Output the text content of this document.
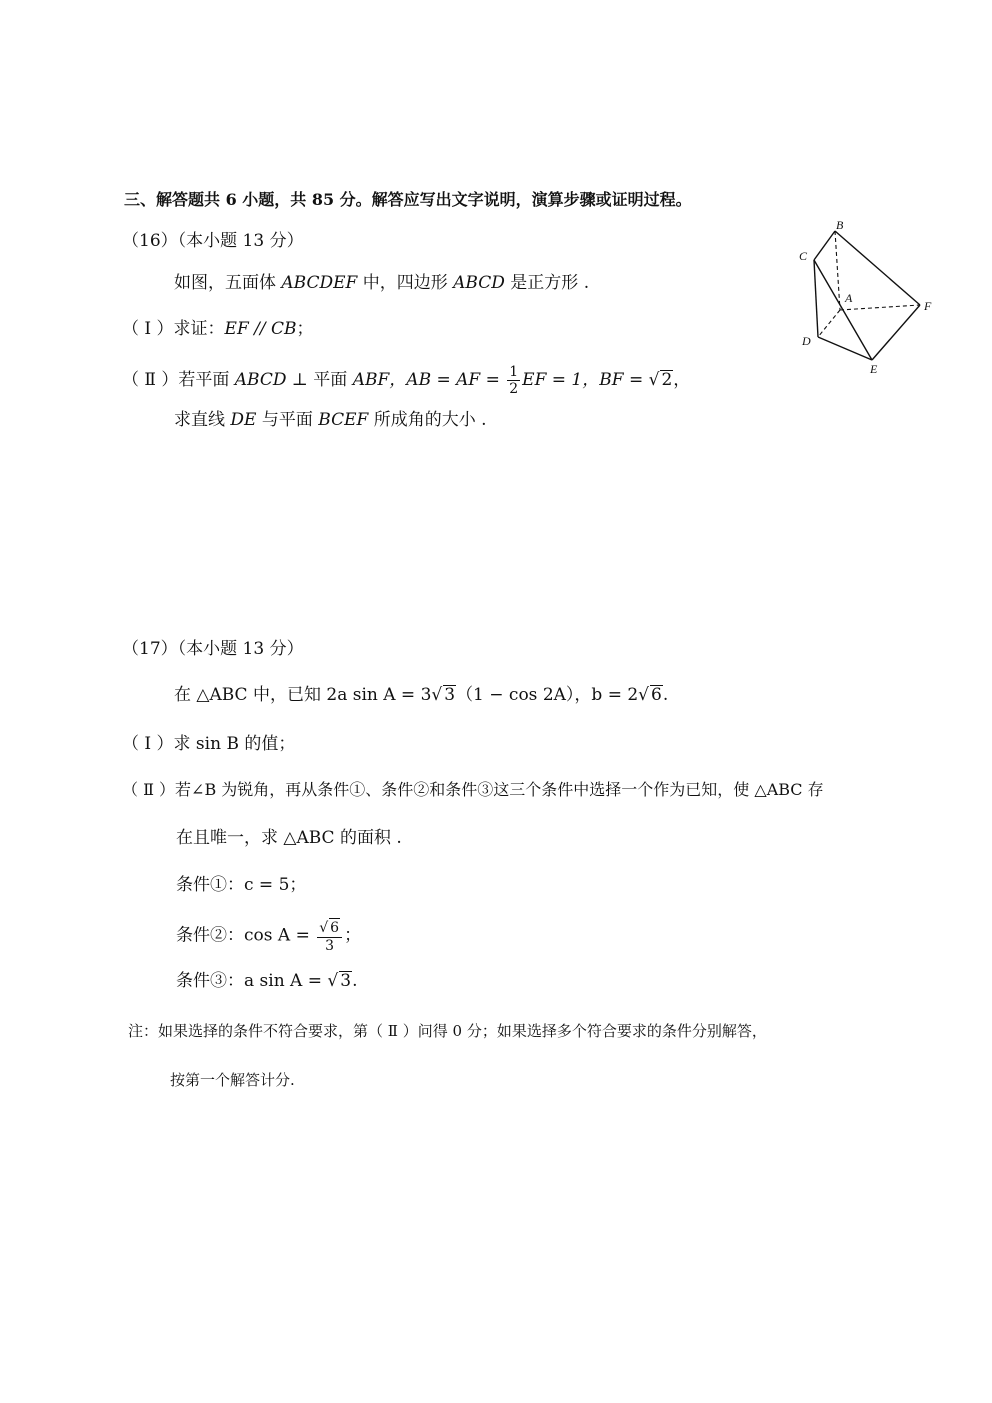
三、解答题共 6 小题，共 85 分。解答应写出文字说明，演算步骤或证明过程。
（16）（本小题 13 分）
如图，五面体 ABCDEF 中，四边形 ABCD 是正方形 .
（ Ⅰ ）求证：EF // CB；
（ Ⅱ ）若平面 ABCD ⊥ 平面 ABF，AB = AF = $\frac{1}{2}$ EF = 1，BF = √ 2，
求直线 DE 与平面 BCEF 所成角的大小 .
B
C
A
F
D
E
（17）（本小题 13 分）
在 △ABC 中，已知 2a sin A = 3√ 3（1 − cos 2A），b = 2√ 6.
（ Ⅰ ）求 sin B 的值；
（ Ⅱ ）若∠B 为锐角，再从条件①、条件②和条件③这三个条件中选择一个作为已知，使 △ABC 存
在且唯一，求 △ABC 的面积 .
条件①：c = 5；
条件②：$\cos A = \frac{√ 6}{3}$ ；
条件③：a sin A = √ 3.
注：如果选择的条件不符合要求，第（ Ⅱ ）问得 0 分；如果选择多个符合要求的条件分别解答，
按第一个解答计分.
